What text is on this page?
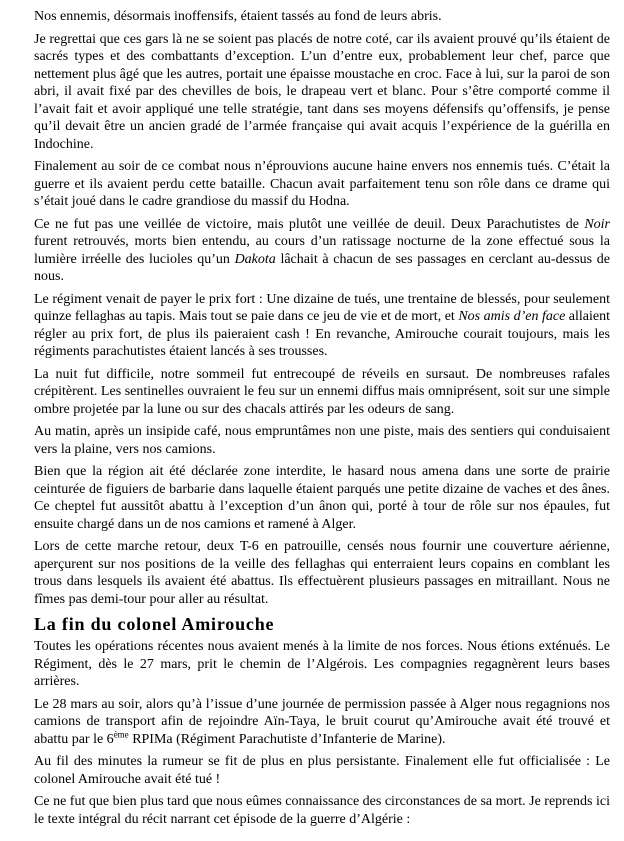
Nos ennemis, désormais inoffensifs, étaient tassés au fond de leurs abris.

Je regrettai que ces gars là ne se soient pas placés de notre coté, car ils avaient prouvé qu’ils étaient de sacrés types et des combattants d’exception. L’un d’entre eux, probablement leur chef, parce que nettement plus âgé que les autres, portait une épaisse moustache en croc. Face à lui, sur la paroi de son abri, il avait fixé par des chevilles de bois, le drapeau vert et blanc. Pour s’être comporté comme il l’avait fait et avoir appliqué une telle stratégie, tant dans ses moyens défensifs qu’offensifs, je pense qu’il devait être un ancien gradé de l’armée française qui avait acquis l’expérience de la guérilla en Indochine.

Finalement au soir de ce combat nous n’éprouvions aucune haine envers nos ennemis tués. C’était la guerre et ils avaient perdu cette bataille. Chacun avait parfaitement tenu son rôle dans ce drame qui s’était joué dans le cadre grandiose du massif du Hodna.

Ce ne fut pas une veillée de victoire, mais plutôt une veillée de deuil. Deux Parachutistes de Noir furent retrouvés, morts bien entendu, au cours d’un ratissage nocturne de la zone effectué sous la lumière irréelle des lucioles qu’un Dakota lâchait à chacun de ses passages en cerclant au-dessus de nous.

Le régiment venait de payer le prix fort : Une dizaine de tués, une trentaine de blessés, pour seulement quinze fellaghas au tapis. Mais tout se paie dans ce jeu de vie et de mort, et Nos amis d’en face allaient régler au prix fort, de plus ils paieraient cash ! En revanche, Amirouche courait toujours, mais les régiments parachutistes étaient lancés à ses trousses.

La nuit fut difficile, notre sommeil fut entrecoupé de réveils en sursaut. De nombreuses rafales crépitèrent. Les sentinelles ouvraient le feu sur un ennemi diffus mais omniprésent, soit sur une simple ombre projetée par la lune ou sur des chacals attirés par les odeurs de sang.

Au matin, après un insipide café, nous empruntâmes non une piste, mais des sentiers qui conduisaient vers la plaine, vers nos camions.

Bien que la région ait été déclarée zone interdite, le hasard nous amena dans une sorte de prairie ceinturée de figuiers de barbarie dans laquelle étaient parqués une petite dizaine de vaches et des ânes. Ce cheptel fut aussitôt abattu à l’exception d’un ânon qui, porté à tour de rôle sur nos épaules, fut ensuite chargé dans un de nos camions et ramené à Alger.

Lors de cette marche retour, deux T-6 en patrouille, censés nous fournir une couverture aérienne, aperçurent sur nos positions de la veille des fellaghas qui enterraient leurs copains en comblant les trous dans lesquels ils avaient été abattus. Ils effectuèrent plusieurs passages en mitraillant. Nous ne fîmes pas demi-tour pour aller au résultat.

La fin du colonel Amirouche

Toutes les opérations récentes nous avaient menés à la limite de nos forces. Nous étions exténués. Le Régiment, dès le 27 mars, prit le chemin de l’Algérois. Les compagnies regagnèrent leurs bases arrières.

Le 28 mars au soir, alors qu’à l’issue d’une journée de permission passée à Alger nous regagnions nos camions de transport afin de rejoindre Aïn-Taya, le bruit courut qu’Amirouche avait été trouvé et abattu par le 6ème RPIMa (Régiment Parachutiste d’Infanterie de Marine).

Au fil des minutes la rumeur se fit de plus en plus persistante. Finalement elle fut officialisée : Le colonel Amirouche avait été tué !

Ce ne fut que bien plus tard que nous eûmes connaissance des circonstances de sa mort. Je reprends ici le texte intégral du récit narrant cet épisode de la guerre d’Algérie :
